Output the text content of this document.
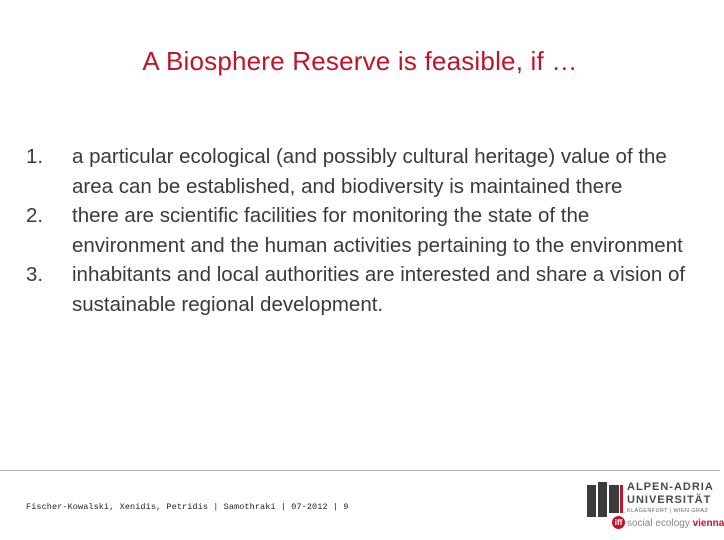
A Biosphere Reserve is feasible, if …
1.	a particular ecological (and possibly cultural heritage) value of the area can be established, and biodiversity is maintained there
2.	there are scientific facilities for monitoring the state of the environment and the human activities pertaining to the environment
3.	inhabitants and local authorities are interested and share a vision of sustainable regional development.
Fischer-Kowalski, Xenidis, Petridis | Samothraki | 07-2012 | 9
iff
ALPEN-ADRIA
UNIVERSITÄT
KLAGENFURT | WIEN GRAZ
social ecology vienna
